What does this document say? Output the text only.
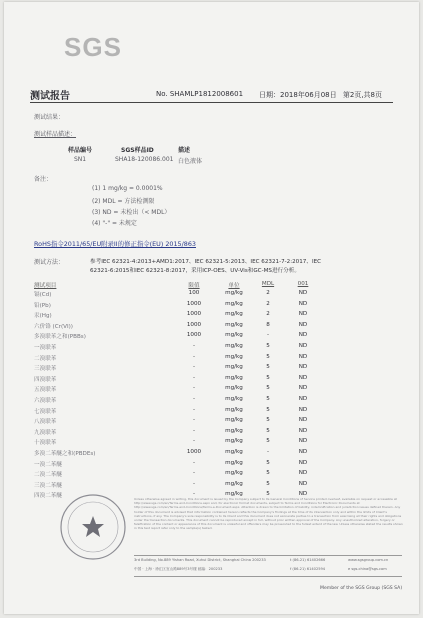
SGS
测试报告	No. SHAMLP1812008601 日期：2018年06月08日 第2页,共8页
测试结果：
测试样品描述：
样品编号	SGS样品ID	描述
SN1	SHA18-120086.001 白色液体
备注：
(1) 1 mg/kg = 0.0001%
(2) MDL = 方法检测限
(3) ND = 未检出（< MDL）
(4) "-" = 未规定
RoHS指令2011/65/EU附录II的修正指令(EU) 2015/863
测试方法：	参考IEC 62321-4:2013+AMD1:2017、IEC 62321-5:2013、IEC 62321-7-2:2017、IEC
62321-6:2015和IEC 62321-8:2017，采用ICP-OES、UV-Vis和GC-MS进行分析。
测试项目	限值	单位	MDL	001
镉(Cd)	100	mg/kg	2	ND
铅(Pb)	1000	mg/kg	2	ND
汞(Hg)	1000	mg/kg	2	ND
六价铬 (Cr(VI))	1000	mg/kg	8	ND
多溴联苯之和(PBBs)	1000	mg/kg	-	ND
一溴联苯	-	mg/kg	5	ND
二溴联苯	-	mg/kg	5	ND
三溴联苯	-	mg/kg	5	ND
四溴联苯	-	mg/kg	5	ND
五溴联苯	-	mg/kg	5	ND
六溴联苯	-	mg/kg	5	ND
七溴联苯	-	mg/kg	5	ND
八溴联苯	-	mg/kg	5	ND
九溴联苯	-	mg/kg	5	ND
十溴联苯	-	mg/kg	5	ND
多溴二苯醚之和(PBDEs)	1000	mg/kg	-	ND
一溴二苯醚	-	mg/kg	5	ND
二溴二苯醚	-	mg/kg	5	ND
三溴二苯醚	-	mg/kg	5	ND
四溴二苯醚	-	mg/kg	5	ND
Unless otherwise agreed in writing, this document is issued by the Company subject to its General Conditions of Service printed overleaf, available on request or accessible at http://www.sgs.com/en/Terms-and-Conditions.aspx and, for electronic format documents, subject to Terms and Conditions for Electronic Documents at http://www.sgs.com/en/Terms-and-Conditions/Terms-e-Document.aspx. Attention is drawn to the limitation of liability, indemnification and jurisdiction issues defined therein. Any holder of this document is advised that information contained hereon reflects the Company's findings at the time of its intervention only and within the limits of Client's instructions, if any. The Company's sole responsibility is to its Client and this document does not exonerate parties to a transaction from exercising all their rights and obligations under the transaction documents. This document cannot be reproduced except in full, without prior written approval of the Company. Any unauthorized alteration, forgery or falsification of the content or appearance of this document is unlawful and offenders may be prosecuted to the fullest extent of the law. Unless otherwise stated the results shown in this test report refer only to the sample(s) tested.
3rd Building, No.889 Yishan Road, Xuhui District, Shanghai China 200233	t (86-21) 61402666	www.sgsgroup.com.cn
中国 · 上海 · 徐汇区宜山路889号3号楼 邮编：200233	f (86-21) 61402594	e sgs.china@sgs.com
Member of the SGS Group (SGS SA)
